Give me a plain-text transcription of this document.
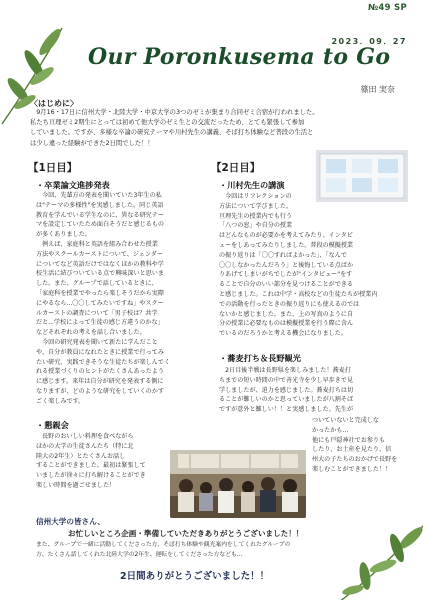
№49 SP
2023．09．27
Our Poronkusema to Go
篠田 実奈
〈はじめに〉
　9月16・17日に信州大学・北陸大学・中京大学の3つのゼミが集まり合同ゼミ合宿が行われました。
私たち亘理ゼミ2期生にとっては初めて他大学のゼミ生との交流だったため、とても緊張して参加
していました。ですが、多様な卒論の研究テーマや川村先生の講義、そば打ち体験など普段の生活と
は少し違った経験ができた2日間でした！！
【1日目】
・卒業論文進捗発表
　今回、先輩方の発表を聞いていた3年生の私
は"テーマの多様性"を実感しました。同じ英語
教育を学んでいる学生なのに、異なる研究テー
マを設定していたため面白そうだと感じるもの
が多くありました。
　例えば、家庭科と英語を組み合わせた授業
方法やスクールカーストについて、ジェンダー
についてなど英語だけではなくほかの教科や学
校生活に結びついている点で興味深いと思いま
した。また、グループで話しているときに、
「家庭科を授業でやったら楽しそうだから実際
にやるなら...〇〇してみたいですね」やスクー
ルカーストの調査について「男子校は？共学
だと...学校によって生徒の感じ方違うのかな」
などそれぞれの考えを話し合いました。
　今回の研究発表を聞いて新たに学んだこと
や、自分が教員になれたときに授業で行ってみ
たい研究、実践できそうな生徒たちが楽しんでく
れる授業づくりのヒントがたくさんあったよう
に感じます。来年は自分が研究を発表する側に
なりますが、どのような研究をしていくのかす
ごく楽しみです。
・懇親会
　長野のおいしい料理を食べながら
ほかの大学の生徒さんたち（特に北
陸大の2年生）とたくさんお話し
することができました。最初は緊張して
いましたが徐々に打ち解けることができ
楽しい時間を過ごせました！
【2日目】
・川村先生の講演
　今回はリフレクションの
方法について学びました。
亘理先生の授業内でも行う
「八つの窓」や自分の授業
はどんなものが必要かを考えてみたり、インタビ
ューをしあってみたりしました。普段の模擬授業
の振り返りは「〇〇すればよかった」、「なんで
〇〇しなかったんだろう」と後悔している点ばか
りあげてしまいがちでしたが"インタビュー"をす
ることで自分のいい部分を見つけることができる
と感じました。これは中学・高校などの生徒たちが授業内
での活動を行ったときの振り返りにも使えるのでは
ないかと感じました。また、上の写真のように自
分の授業に必要なものは模擬授業を行う際に含ん
でいるのだろうかと考える機会になりました。
・蕎麦打ち＆長野観光
　2日目後半戦は長野県を楽しみました！蕎麦打
ちまでの短い時間の中で善光寺を少し早歩きで見
学しましたが、迫力を感じました。蕎麦打ちは切
ることが難しいのかと思っていましたが八割そば
ですが意外と難しい！！と実感しました。先生が
ついていないと完成しな
かったかも...
他にも戸隠神社でお参りも
したり、お土産を見たり、信
州大の子たちのおかげで長野を
楽しむことができました！！
信州大学の皆さん、
お忙しいところ企画・準備していただきありがとうございました！！
また、グループで一緒に活動してくださった方、そば打ち体験や観光案内をしてくれたグループの
方、たくさん話してくれた北陸大学の2年生、運転をしてくださった方なども...
2日間ありがとうございました！！
